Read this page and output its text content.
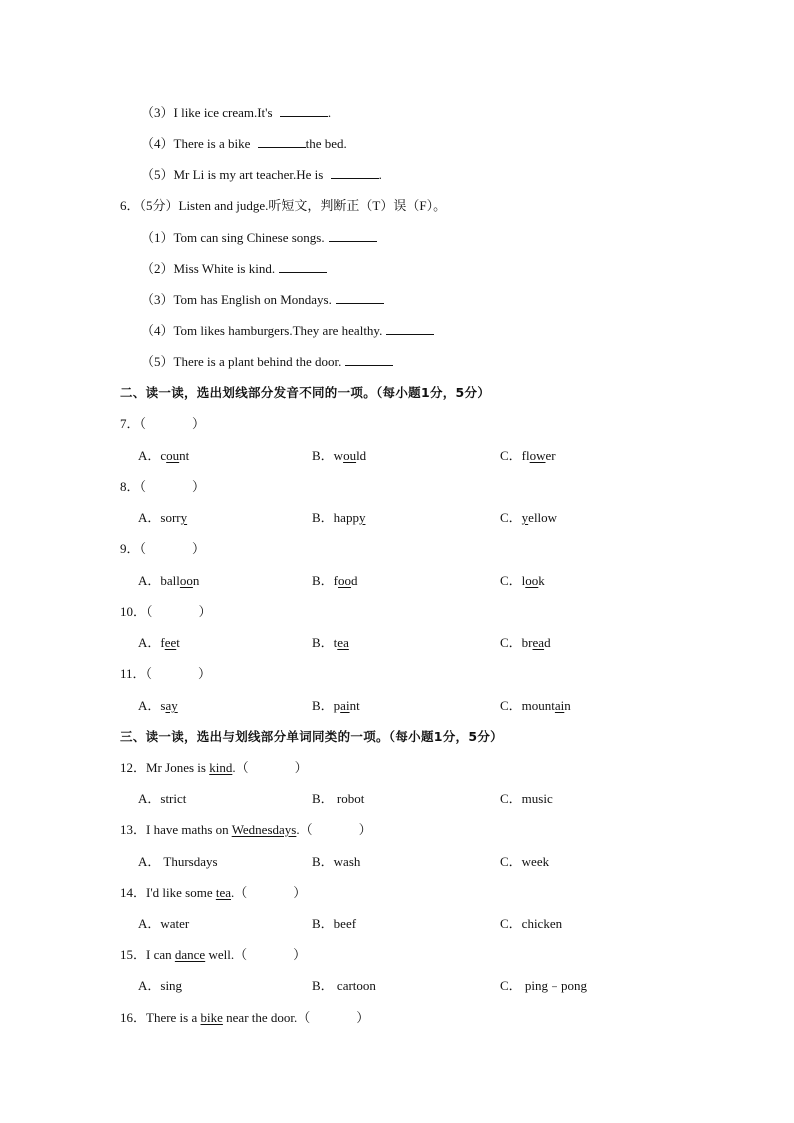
（3）I like ice cream.It's	.
（4）There is a bike	the bed.
（5）Mr Li is my art teacher.He is	.
6．（5分）Listen and judge.听短文，判断正（T）误（F）。
（1）Tom can sing Chinese songs.
（2）Miss White is kind.
（3）Tom has English on Mondays.
（4）Tom likes hamburgers.They are healthy.
（5）There is a plant behind the door.
二、读一读，选出划线部分发音不同的一项。（每小题1分，5分）
7．（	）
A．count	B．would	C．flower
8．（	）
A．sorry	B．happy	C．yellow
9．（	）
A．balloon	B．food	C．look
10．（	）
A．feet	B．tea	C．bread
11．（	）
A．say	B．paint	C．mountain
三、读一读，选出与划线部分单词同类的一项。（每小题1分，5分）
12．Mr Jones is kind.（	）
A．strict	B． robot	C．music
13．I have maths on Wednesdays.（	）
A． Thursdays	B．wash	C．week
14．I'd like some tea.（	）
A．water	B．beef	C．chicken
15．I can dance well.（	）
A．sing	B． cartoon	C． ping﹣pong
16．There is a bike near the door.（	）
